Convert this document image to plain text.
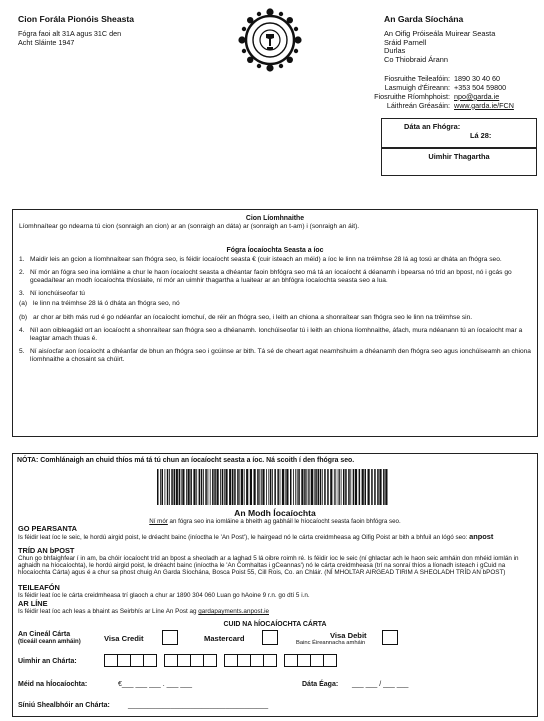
Cion Forála Pionóis Sheasta
Fógra faoi alt 31A agus 31C den
Acht Sláinte 1947
An Garda Síochána
An Oifig Próiseála Muirear Seasta
Sráid Parnell
Durlas
Co Thiobraid Árann
Fiosruithe Teileafóin: 1890 30 40 60
Lasmuigh d'Éireann: +353 504 59800
Fiosruithe Ríomhphoist: npo@garda.ie
Láithreán Gréasáin: www.garda.ie/FCN
Dáta an Fhógra:
Lá 28:
Uimhir Thagartha
Cion Líomhnaithe
Líomhnaítear go ndearna tú cion (sonraigh an cion) ar an (sonraigh an dáta) ar (sonraigh an t-am) i (sonraigh an áit).
Fógra Íocaíochta Seasta a íoc
1. Maidir leis an gcion a líomhnaítear san fhógra seo, is féidir íocaíocht seasta € (cuir isteach an méid) a íoc le linn na tréimhse 28 lá ag tosú ar dháta an fhógra seo.
2. Ní mór an fógra seo ina iomláine a chur le haon íocaíocht seasta a dhéantar faoin bhfógra seo má tá an íocaíocht á déanamh i bpearsa nó tríd an bpost, nó i gcás go gceadaítear an modh íocaíochta thíoslaite, ní mór an uimhir thagartha a luaitear ar an bhfógra íocaíochta seasta seo a lua.
3. Ní ionchúiseofar tú
(a) le linn na tréimhse 28 lá ó dháta an fhógra seo, nó
(b) ar chor ar bith más rud é go ndéanfar an íocaíocht iomchuí, de réir an fhógra seo, i leith an chiona a shonraítear san fhógra seo le linn na tréimhse sin.
4. Níl aon oibleagáid ort an íocaíocht a shonraítear san fhógra seo a dhéanamh. Ionchúiseofar tú i leith an chiona líomhnaithe, áfach, mura ndéanann tú an íocaíocht mar a leagtar amach thuas é.
5. Ní aisíocfar aon íocaíocht a dhéanfar de bhun an fhógra seo i gcúinse ar bith. Tá sé de cheart agat neamhshuim a dhéanamh den fhógra seo agus ionchúiseamh an chiona líomhnaithe a chosaint sa chúirt.
NÓTA: Comhlánaigh an chuid thíos má tá tú chun an íocaíocht seasta a íoc. Ná scoith í den fhógra seo.
An Modh Íocaíochta
Ní mór an fógra seo ina iomláine a bheith ag gabháil le híocaíocht seasta faoin bhfógra seo.
GO PEARSANTA
Is féidir leat íoc le seic, le hordú airgid poist, le dréacht bainc (iníoctha le 'An Post'), le hairgead nó le cárta creidmheasa ag Oifig Poist ar bith a bhfuil an lógó seo: anpost
TRÍD AN bPOST
Chun go bhfaighfear í in am, ba chóir íocaíocht tríd an bpost a sheoladh ar a laghad 5 lá oibre roimh ré. Is féidir íoc le seic (ní ghlactar ach le haon seic amháin don mhéid iomlán in aghaidh na híocaíochta), le hordú airgid poist, le dréacht bainc (iníoctha le 'An Comhaltas i gCeannas') nó le cárta creidmheasa (trí na sonraí thíos a líonadh isteach i gCuid na hÍocaíochta Cárta) agus é a chur sa phost chuig An Garda Síochána, Bosca Poist 55, Cill Rois, Co. an Chláir. (NÍ MHOLTAR AIRGEAD TIRIM A SHEOLADH TRÍD AN bPOST)
TEILEAFÓN
Is féidir leat íoc le cárta creidmheasa trí glaoch a chur ar 1890 304 060 Luan go hAoine 9 r.n. go dtí 5 i.n.
AR LÍNE
Is féidir leat íoc ach leas a bhaint as Seirbhís ar Líne An Post ag gardapayments.anpost.ie
CUID NA hÍOCAÍOCHTA CÁRTA
An Cineál Cárta
(ticeáil ceann amháin)	Visa Credit	Mastercard	Visa Debit
Bainc Éireannacha amháin
Uimhir an Chárta:
Méid na hÍocaíochta:	€___ ___ ___ . ___ ___	Dáta Éaga: ___ ___ / ___ ___
Síniú Shealbhóir an Chárta:	____________________________________
